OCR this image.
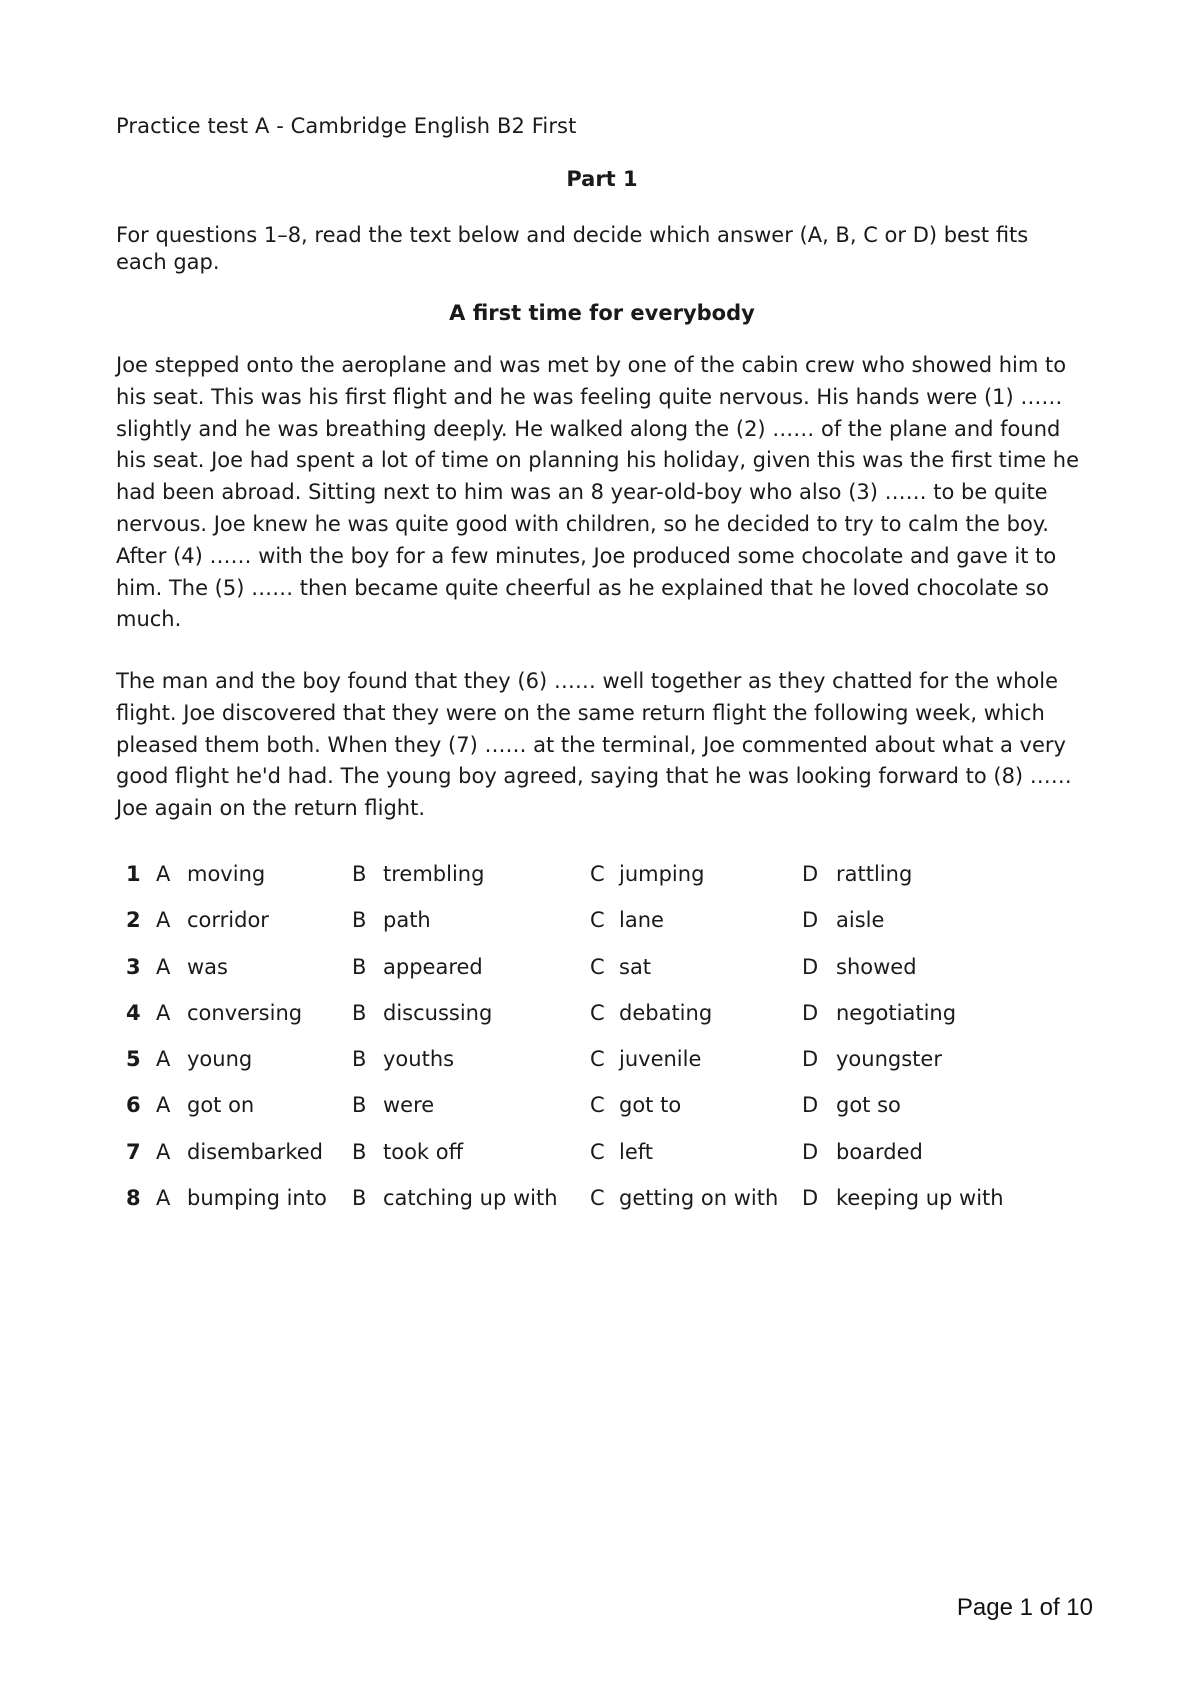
Practice test A - Cambridge English B2 First
Part 1
For questions 1–8, read the text below and decide which answer (A, B, C or D) best fits each gap.
A first time for everybody

Joe stepped onto the aeroplane and was met by one of the cabin crew who showed him to his seat. This was his first flight and he was feeling quite nervous. His hands were (1) …… slightly and he was breathing deeply. He walked along the (2) …… of the plane and found his seat. Joe had spent a lot of time on planning his holiday, given this was the first time he had been abroad. Sitting next to him was an 8 year-old-boy who also (3) …… to be quite nervous. Joe knew he was quite good with children, so he decided to try to calm the boy. After (4) …… with the boy for a few minutes, Joe produced some chocolate and gave it to him. The (5) …… then became quite cheerful as he explained that he loved chocolate so much.

The man and the boy found that they (6) …… well together as they chatted for the whole flight. Joe discovered that they were on the same return flight the following week, which pleased them both. When they (7) …… at the terminal, Joe commented about what a very good flight he'd had. The young boy agreed, saying that he was looking forward to (8) …… Joe again on the return flight.

1 A moving	B trembling	C jumping	D rattling
2 A corridor	B path	C lane	D aisle
3 A was	B appeared	C sat	D showed
4 A conversing B discussing	C debating	D negotiating
5 A young	B youths	C juvenile	D youngster
6 A got on	B were	C got to	D got so
7 A disembarked B took off	C left	D boarded
8 A bumping into B catching up with C getting on with D keeping up with
Page 1 of 10
